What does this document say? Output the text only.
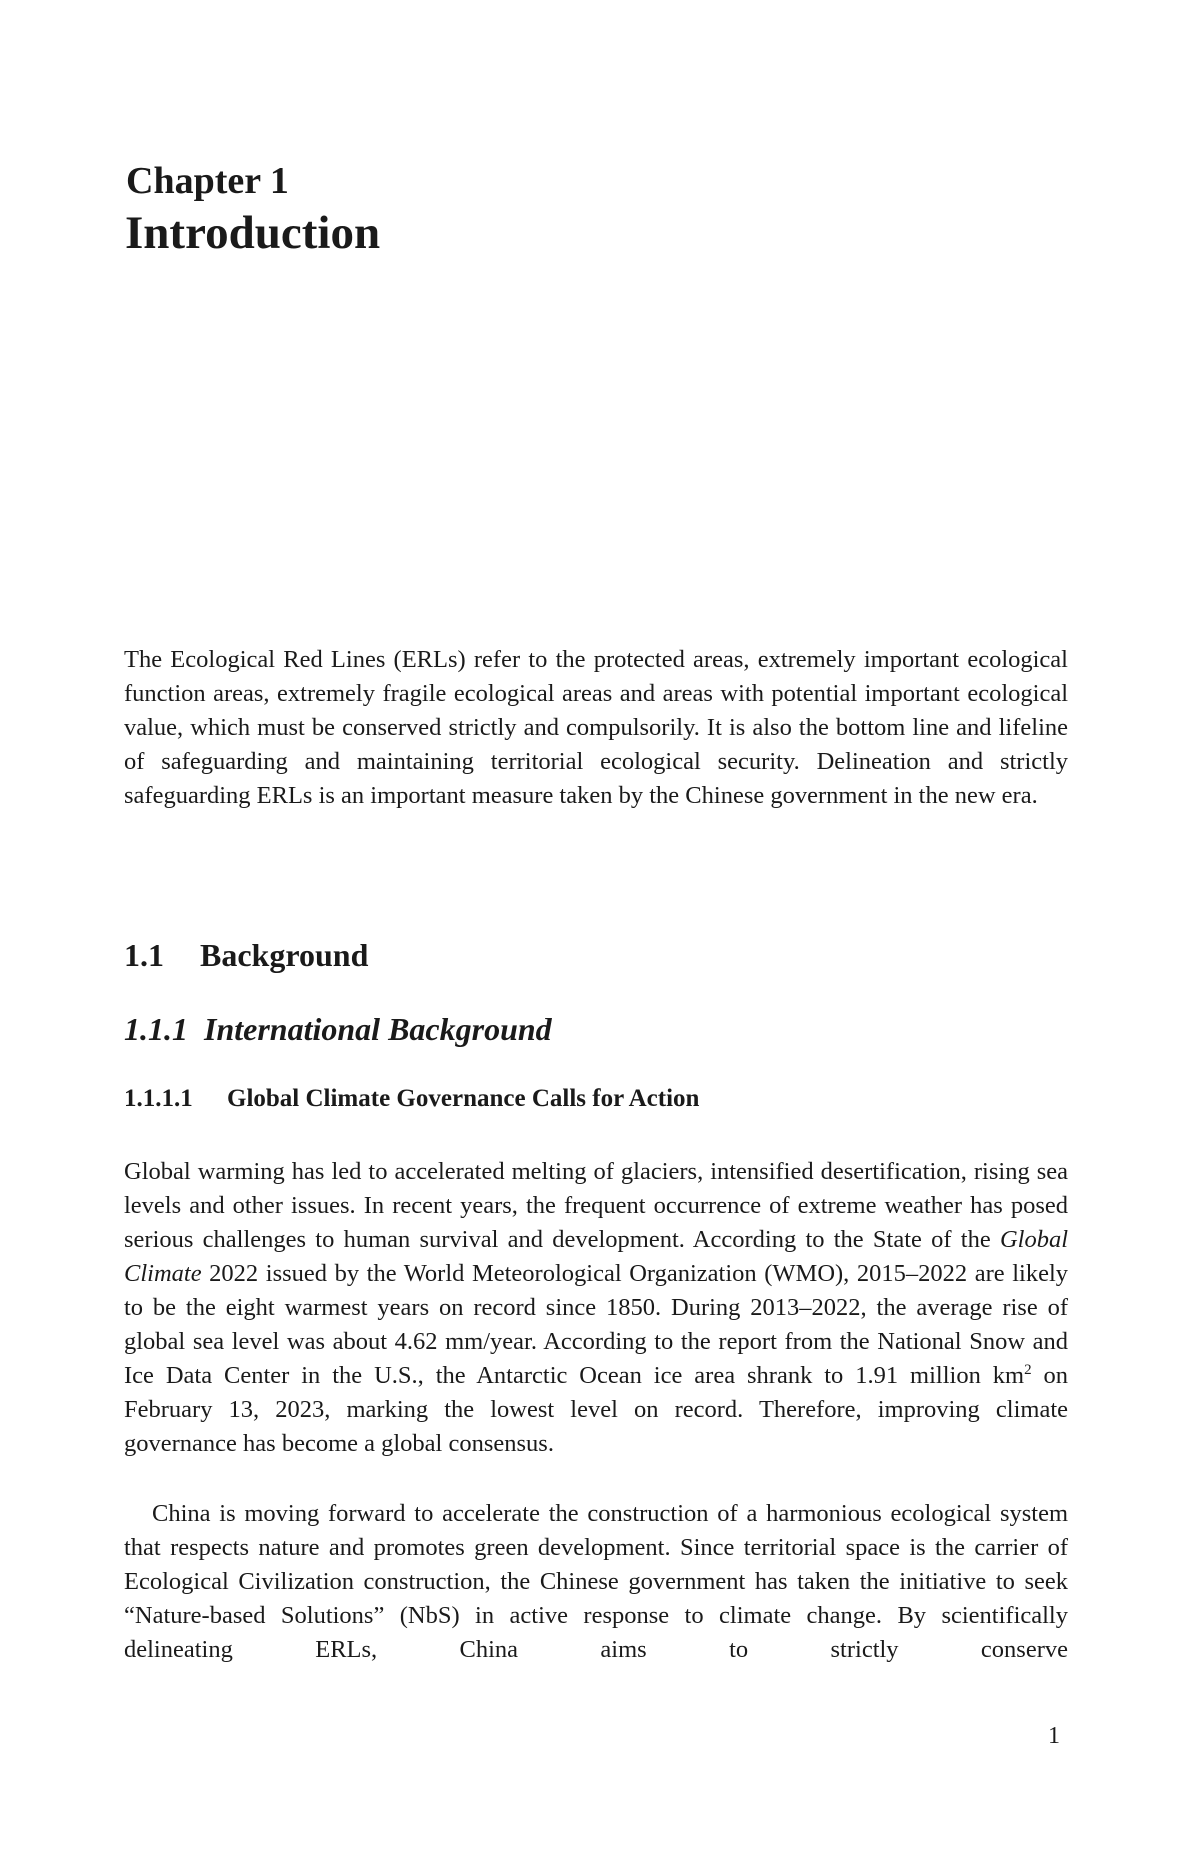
Chapter 1
Introduction

The Ecological Red Lines (ERLs) refer to the protected areas, extremely important ecological function areas, extremely fragile ecological areas and areas with potential important ecological value, which must be conserved strictly and compulsorily. It is also the bottom line and lifeline of safeguarding and maintaining territorial ecological security. Delineation and strictly safeguarding ERLs is an important measure taken by the Chinese government in the new era.

1.1 Background
1.1.1 International Background
1.1.1.1 Global Climate Governance Calls for Action

Global warming has led to accelerated melting of glaciers, intensified desertification, rising sea levels and other issues. In recent years, the frequent occurrence of extreme weather has posed serious challenges to human survival and development. According to the State of the Global Climate 2022 issued by the World Meteorological Organization (WMO), 2015–2022 are likely to be the eight warmest years on record since 1850. During 2013–2022, the average rise of global sea level was about 4.62 mm/year. According to the report from the National Snow and Ice Data Center in the U.S., the Antarctic Ocean ice area shrank to 1.91 million $km^2$ on February 13, 2023, marking the lowest level on record. Therefore, improving climate governance has become a global consensus.

China is moving forward to accelerate the construction of a harmonious ecological system that respects nature and promotes green development. Since territorial space is the carrier of Ecological Civilization construction, the Chinese government has taken the initiative to seek “Nature-based Solutions” (NbS) in active response to climate change. By scientifically delineating ERLs, China aims to strictly conserve

1
